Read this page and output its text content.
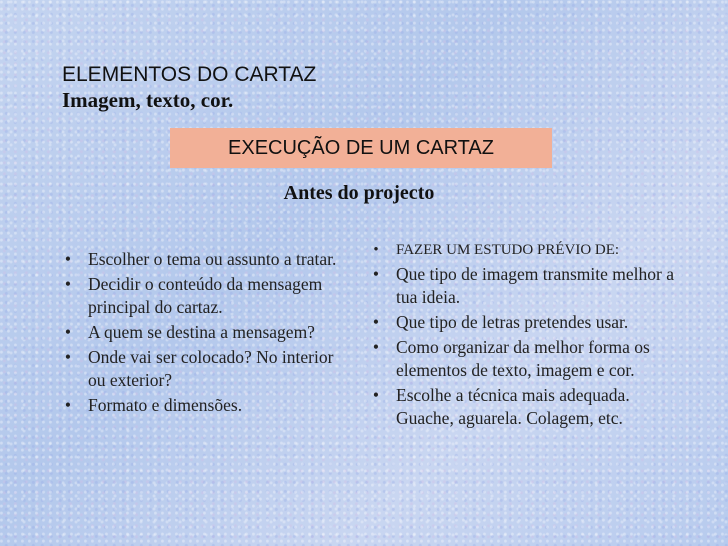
ELEMENTOS DO CARTAZ
Imagem, texto, cor.
EXECUÇÃO DE UM CARTAZ
Antes do projecto
• Escolher o tema ou assunto a tratar.
• Decidir o conteúdo da mensagem principal do cartaz.
• A quem se destina a mensagem?
• Onde vai ser colocado? No interior ou exterior?
• Formato e dimensões.
•	FAZER UM ESTUDO PRÉVIO DE:
• Que tipo de imagem transmite melhor a tua ideia.
• Que tipo de letras pretendes usar.
• Como organizar da melhor forma os elementos de texto, imagem e cor.
• Escolhe a técnica mais adequada. Guache, aguarela. Colagem, etc.
